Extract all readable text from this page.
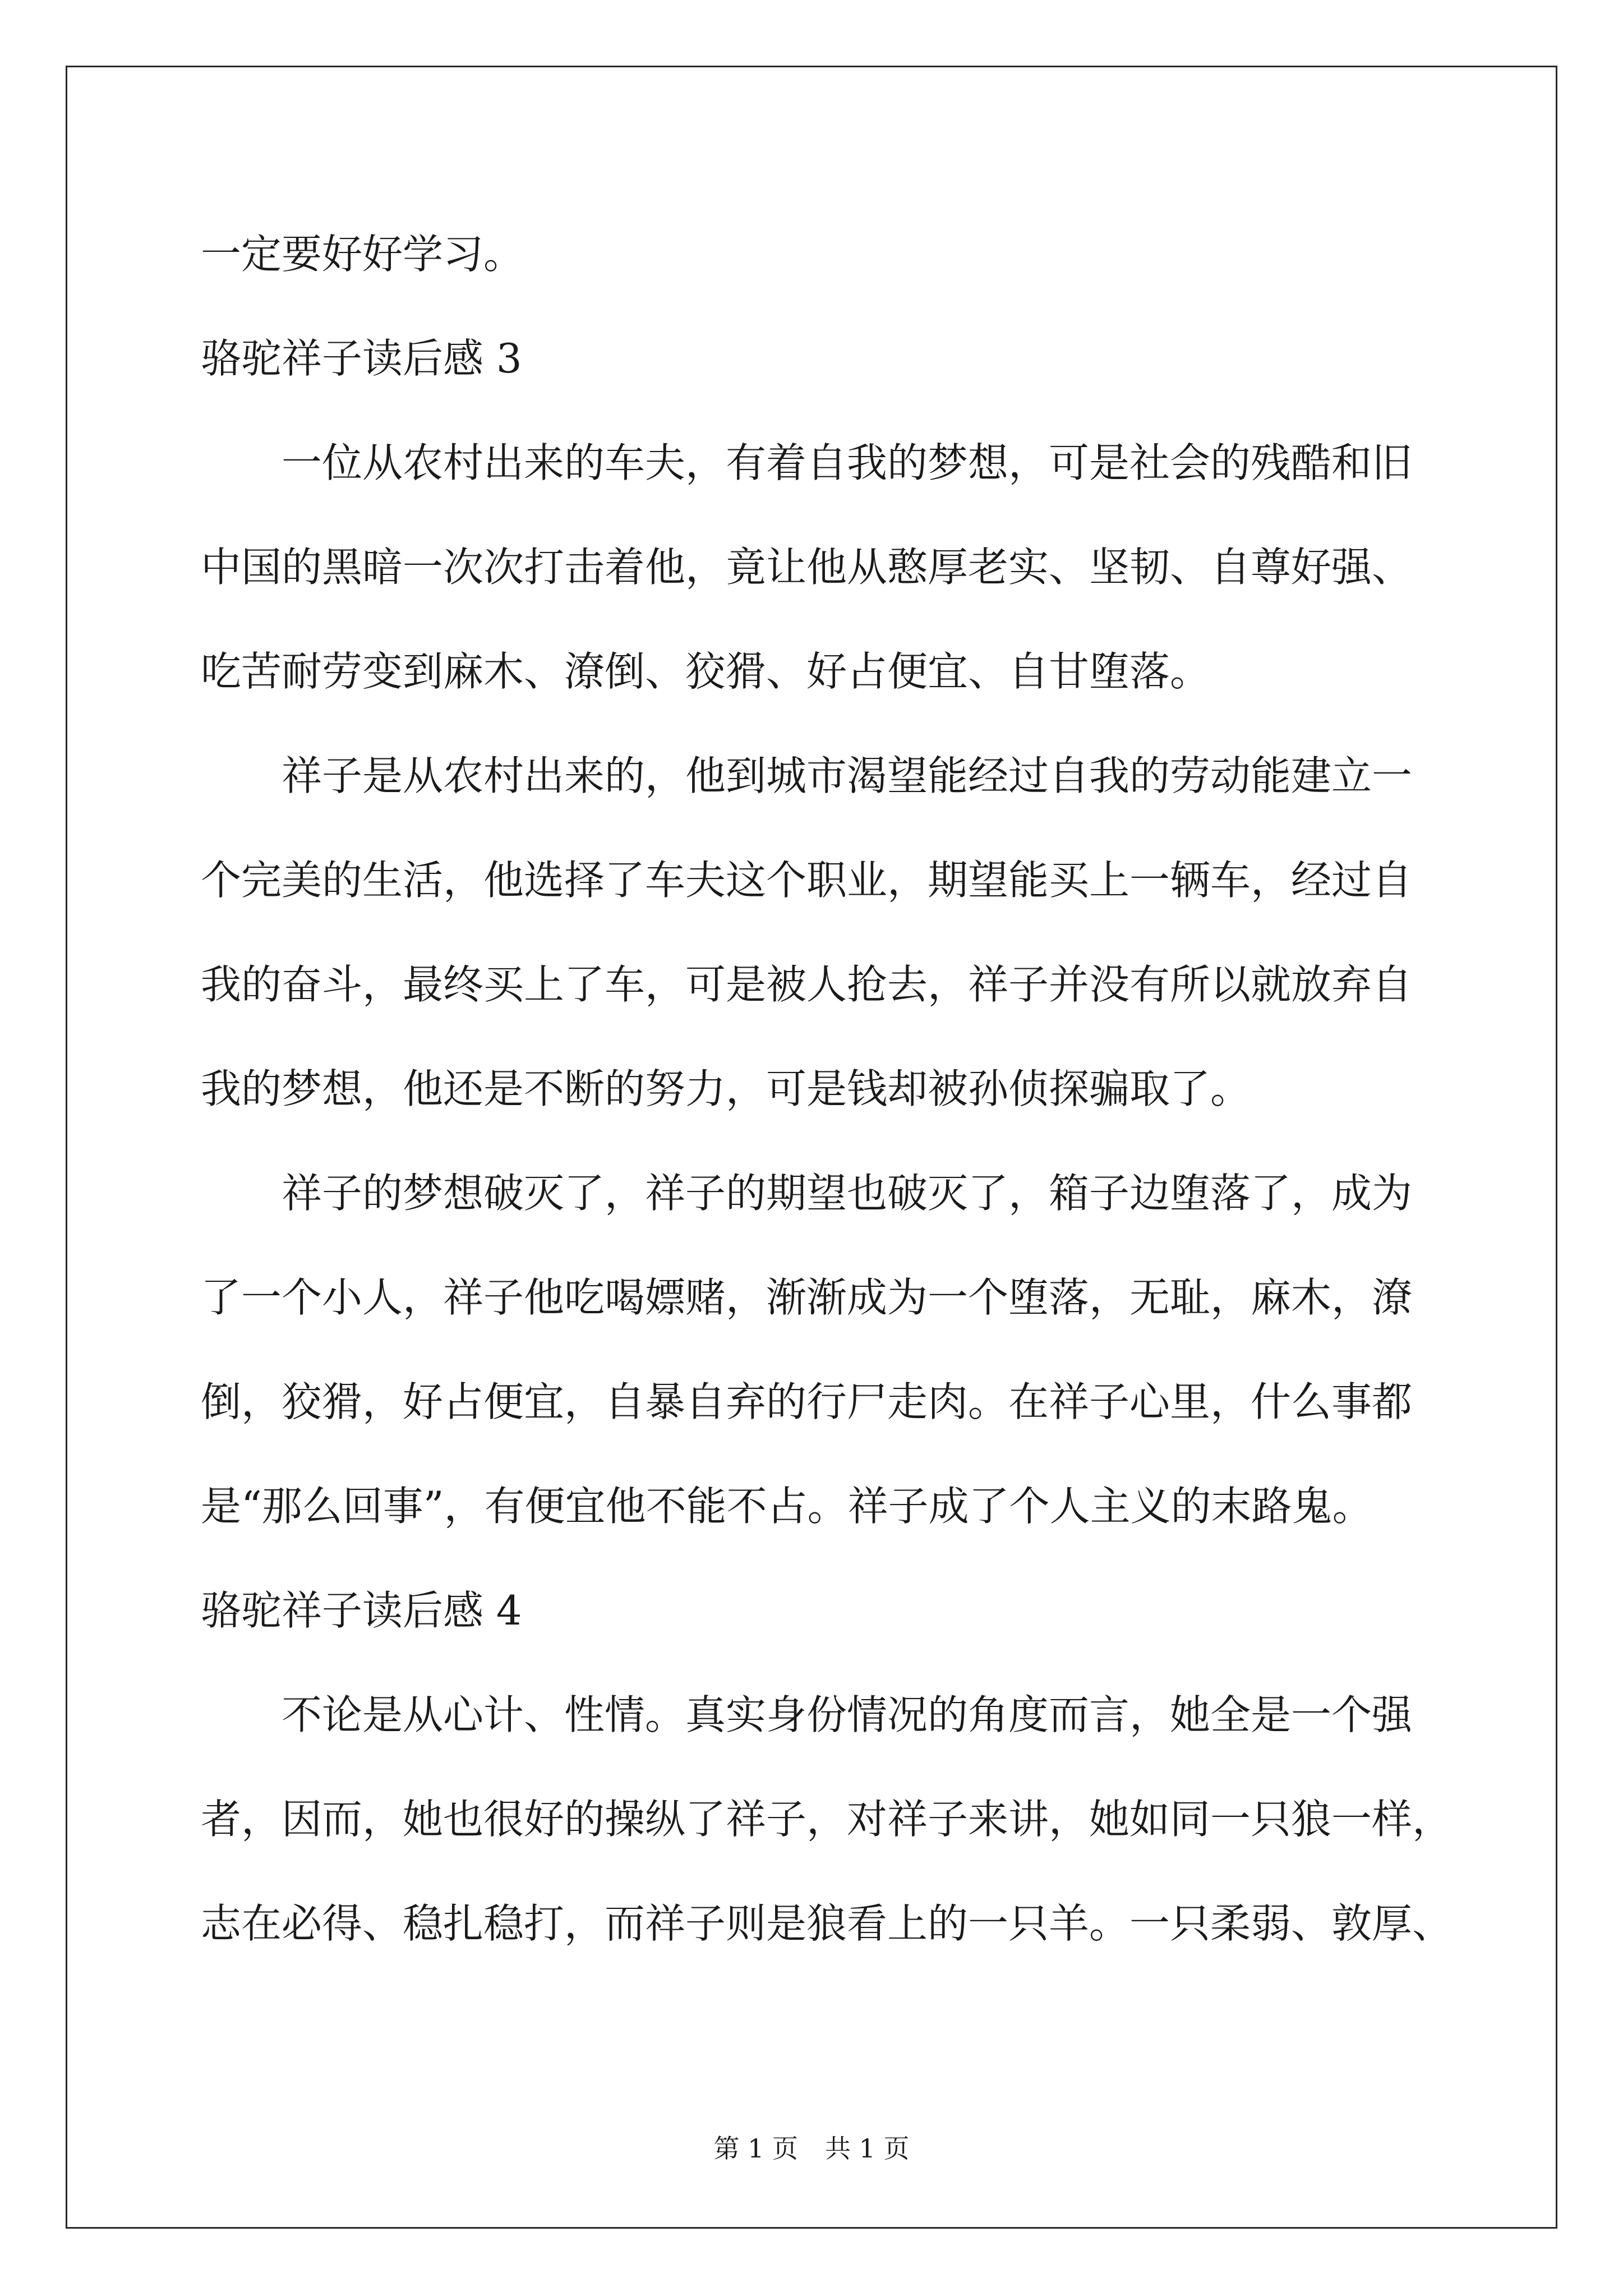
一定要好好学习。
骆驼祥子读后感 3
一位从农村出来的车夫，有着自我的梦想，可是社会的残酷和旧
中国的黑暗一次次打击着他，竟让他从憨厚老实、坚韧、自尊好强、
吃苦耐劳变到麻木、潦倒、狡猾、好占便宜、自甘堕落。
祥子是从农村出来的，他到城市渴望能经过自我的劳动能建立一
个完美的生活，他选择了车夫这个职业，期望能买上一辆车，经过自
我的奋斗，最终买上了车，可是被人抢去，祥子并没有所以就放弃自
我的梦想，他还是不断的努力，可是钱却被孙侦探骗取了。
祥子的梦想破灭了，祥子的期望也破灭了，箱子边堕落了，成为
了一个小人，祥子他吃喝嫖赌，渐渐成为一个堕落，无耻，麻木，潦
倒，狡猾，好占便宜，自暴自弃的行尸走肉。在祥子心里，什么事都
是“那么回事”，有便宜他不能不占。祥子成了个人主义的末路鬼。
骆驼祥子读后感 4
不论是从心计、性情。真实身份情况的角度而言，她全是一个强
者，因而，她也很好的操纵了祥子，对祥子来讲，她如同一只狼一样，
志在必得、稳扎稳打，而祥子则是狼看上的一只羊。一只柔弱、敦厚、
第 1 页 共 1 页
